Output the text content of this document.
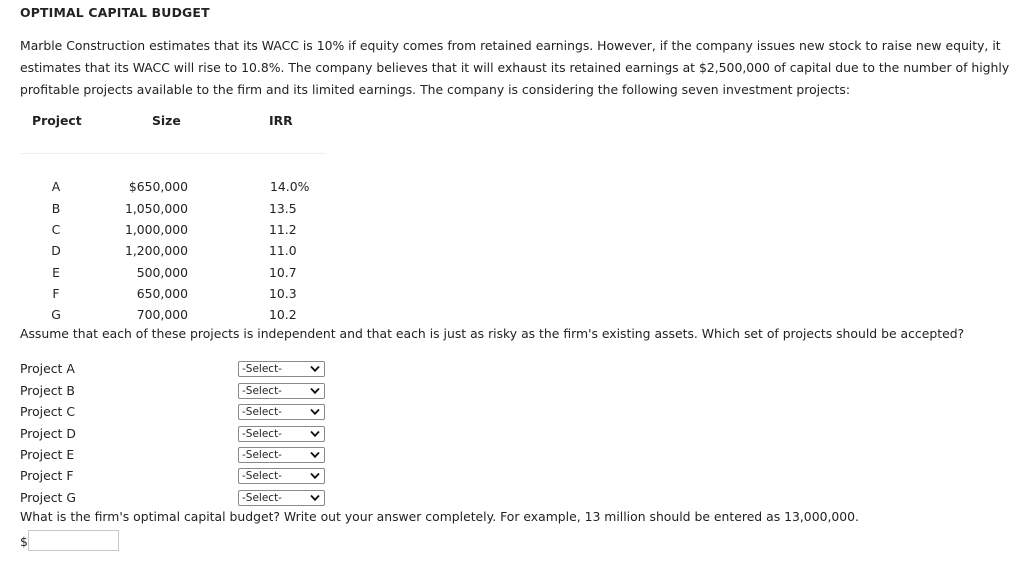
OPTIMAL CAPITAL BUDGET
Marble Construction estimates that its WACC is 10% if equity comes from retained earnings. However, if the company issues new stock to raise new equity, it estimates that its WACC will rise to 10.8%. The company believes that it will exhaust its retained earnings at $2,500,000 of capital due to the number of highly profitable projects available to the firm and its limited earnings. The company is considering the following seven investment projects:
Project	Size	IRR
A	$650,000	14.0%
B	1,050,000	13.5
C	1,000,000	11.2
D	1,200,000	11.0
E	500,000	10.7
F	650,000	10.3
G	700,000	10.2
Assume that each of these projects is independent and that each is just as risky as the firm's existing assets. Which set of projects should be accepted?
Project A	-Select-
Project B	-Select-
Project C	-Select-
Project D	-Select-
Project E	-Select-
Project F	-Select-
Project G	-Select-
What is the firm's optimal capital budget? Write out your answer completely. For example, 13 million should be entered as 13,000,000.
$
